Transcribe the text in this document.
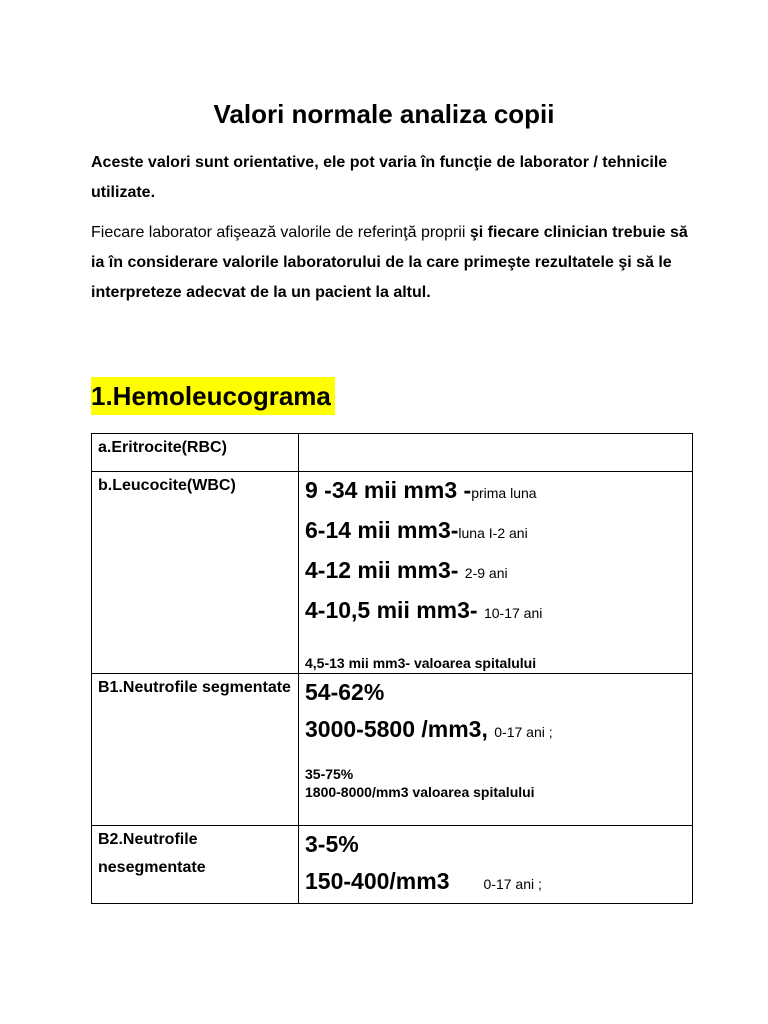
Valori normale analiza copii
Aceste valori sunt orientative, ele pot varia în funcţie de laborator / tehnicile utilizate.
Fiecare laborator afişează valorile de referinţă proprii şi fiecare clinician trebuie să ia în considerare valorile laboratorului de la care primeşte rezultatele şi să le interpreteze adecvat de la un pacient la altul.
1.Hemoleucograma
a.Eritrocite(RBC)	
b.Leucocite(WBC)	9 -34 mii mm3 -prima luna
6-14 mii mm3-luna I-2 ani
4-12 mii mm3- 2-9 ani
4-10,5 mii mm3- 10-17 ani
4,5-13 mii mm3- valoarea spitalului

B1.Neutrofile segmentate	54-62%
3000-5800 /mm3, 0-17 ani ;
35-75%
1800-8000/mm3 valoarea spitalului

B2.Neutrofile nesegmentate	3-5%
150-400/mm3 0-17 ani ;
